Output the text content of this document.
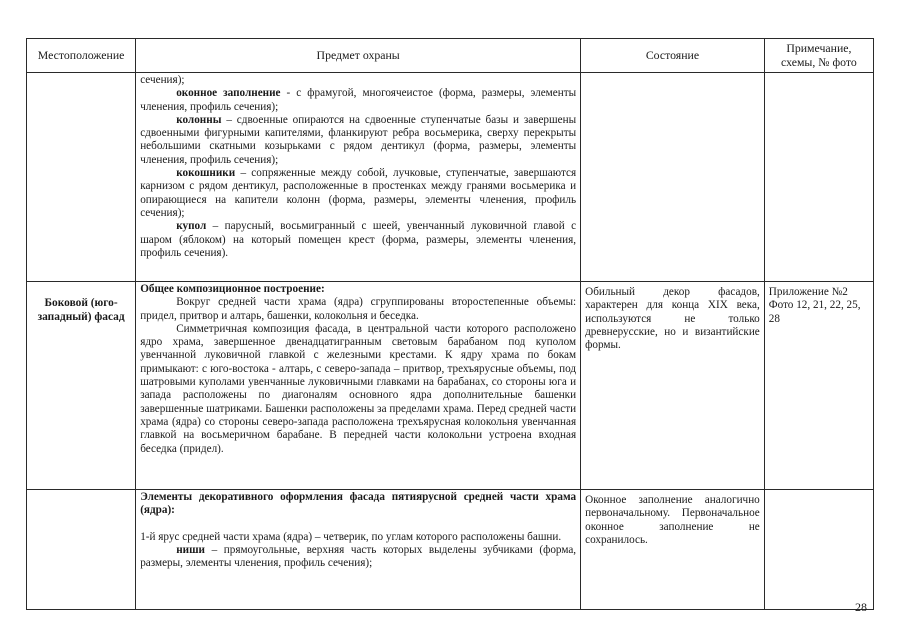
Местоположение	Предмет охраны	Состояние	Примечание, схемы, № фото

	сечения);

оконное заполнение - с фрамугой, многоячеистое (форма, размеры, элементы членения, профиль сечения);

колонны – сдвоенные опираются на сдвоенные ступенчатые базы и завершены сдвоенными фигурными капителями, фланкируют ребра восьмерика, сверху перекрыты небольшими скатными козырьками с рядом дентикул (форма, размеры, элементы членения, профиль сечения);

кокошники – сопряженные между собой, лучковые, ступенчатые, завершаются карнизом с рядом дентикул, расположенные в простенках между гранями восьмерика и опирающиеся на капители колонн (форма, размеры, элементы членения, профиль сечения);

купол – парусный, восьмигранный с шеей, увенчанный луковичной главой с шаром (яблоком) на который помещен крест (форма, размеры, элементы членения, профиль сечения).		

Боковой (юго-западный) фасад	Общее композиционное построение:

Вокруг средней части храма (ядра) сгруппированы второстепенные объемы: придел, притвор и алтарь, башенки, колокольня и беседка.

Симметричная композиция фасада, в центральной части которого расположено ядро храма, завершенное двенадцатигранным световым барабаном под куполом увенчанной луковичной главкой с железными крестами. К ядру храма по бокам примыкают: с юго-востока - алтарь, с северо-запада – притвор, трехъярусные объемы, под шатровыми куполами увенчанные луковичными главками на барабанах, со стороны юга и запада расположены по диагоналям основного ядра дополнительные башенки завершенные шатриками. Башенки расположены за пределами храма. Перед средней части храма (ядра) со стороны северо-запада расположена трехъярусная колокольня увенчанная главкой на восьмеричном барабане. В передней части колокольни устроена входная беседка (придел).	Обильный декор фасадов, характерен для конца XIX века, используются не только древнерусские, но и византийские формы.	Приложение №2 Фото 12, 21, 22, 25, 28

	Элементы декоративного оформления фасада пятиярусной средней части храма (ядра):

1-й ярус средней части храма (ядра) – четверик, по углам которого расположены башни.

ниши – прямоугольные, верхняя часть которых выделены зубчиками (форма, размеры, элементы членения, профиль сечения);	Оконное заполнение аналогично первоначальному. Первоначальное оконное заполнение не сохранилось.	
28
